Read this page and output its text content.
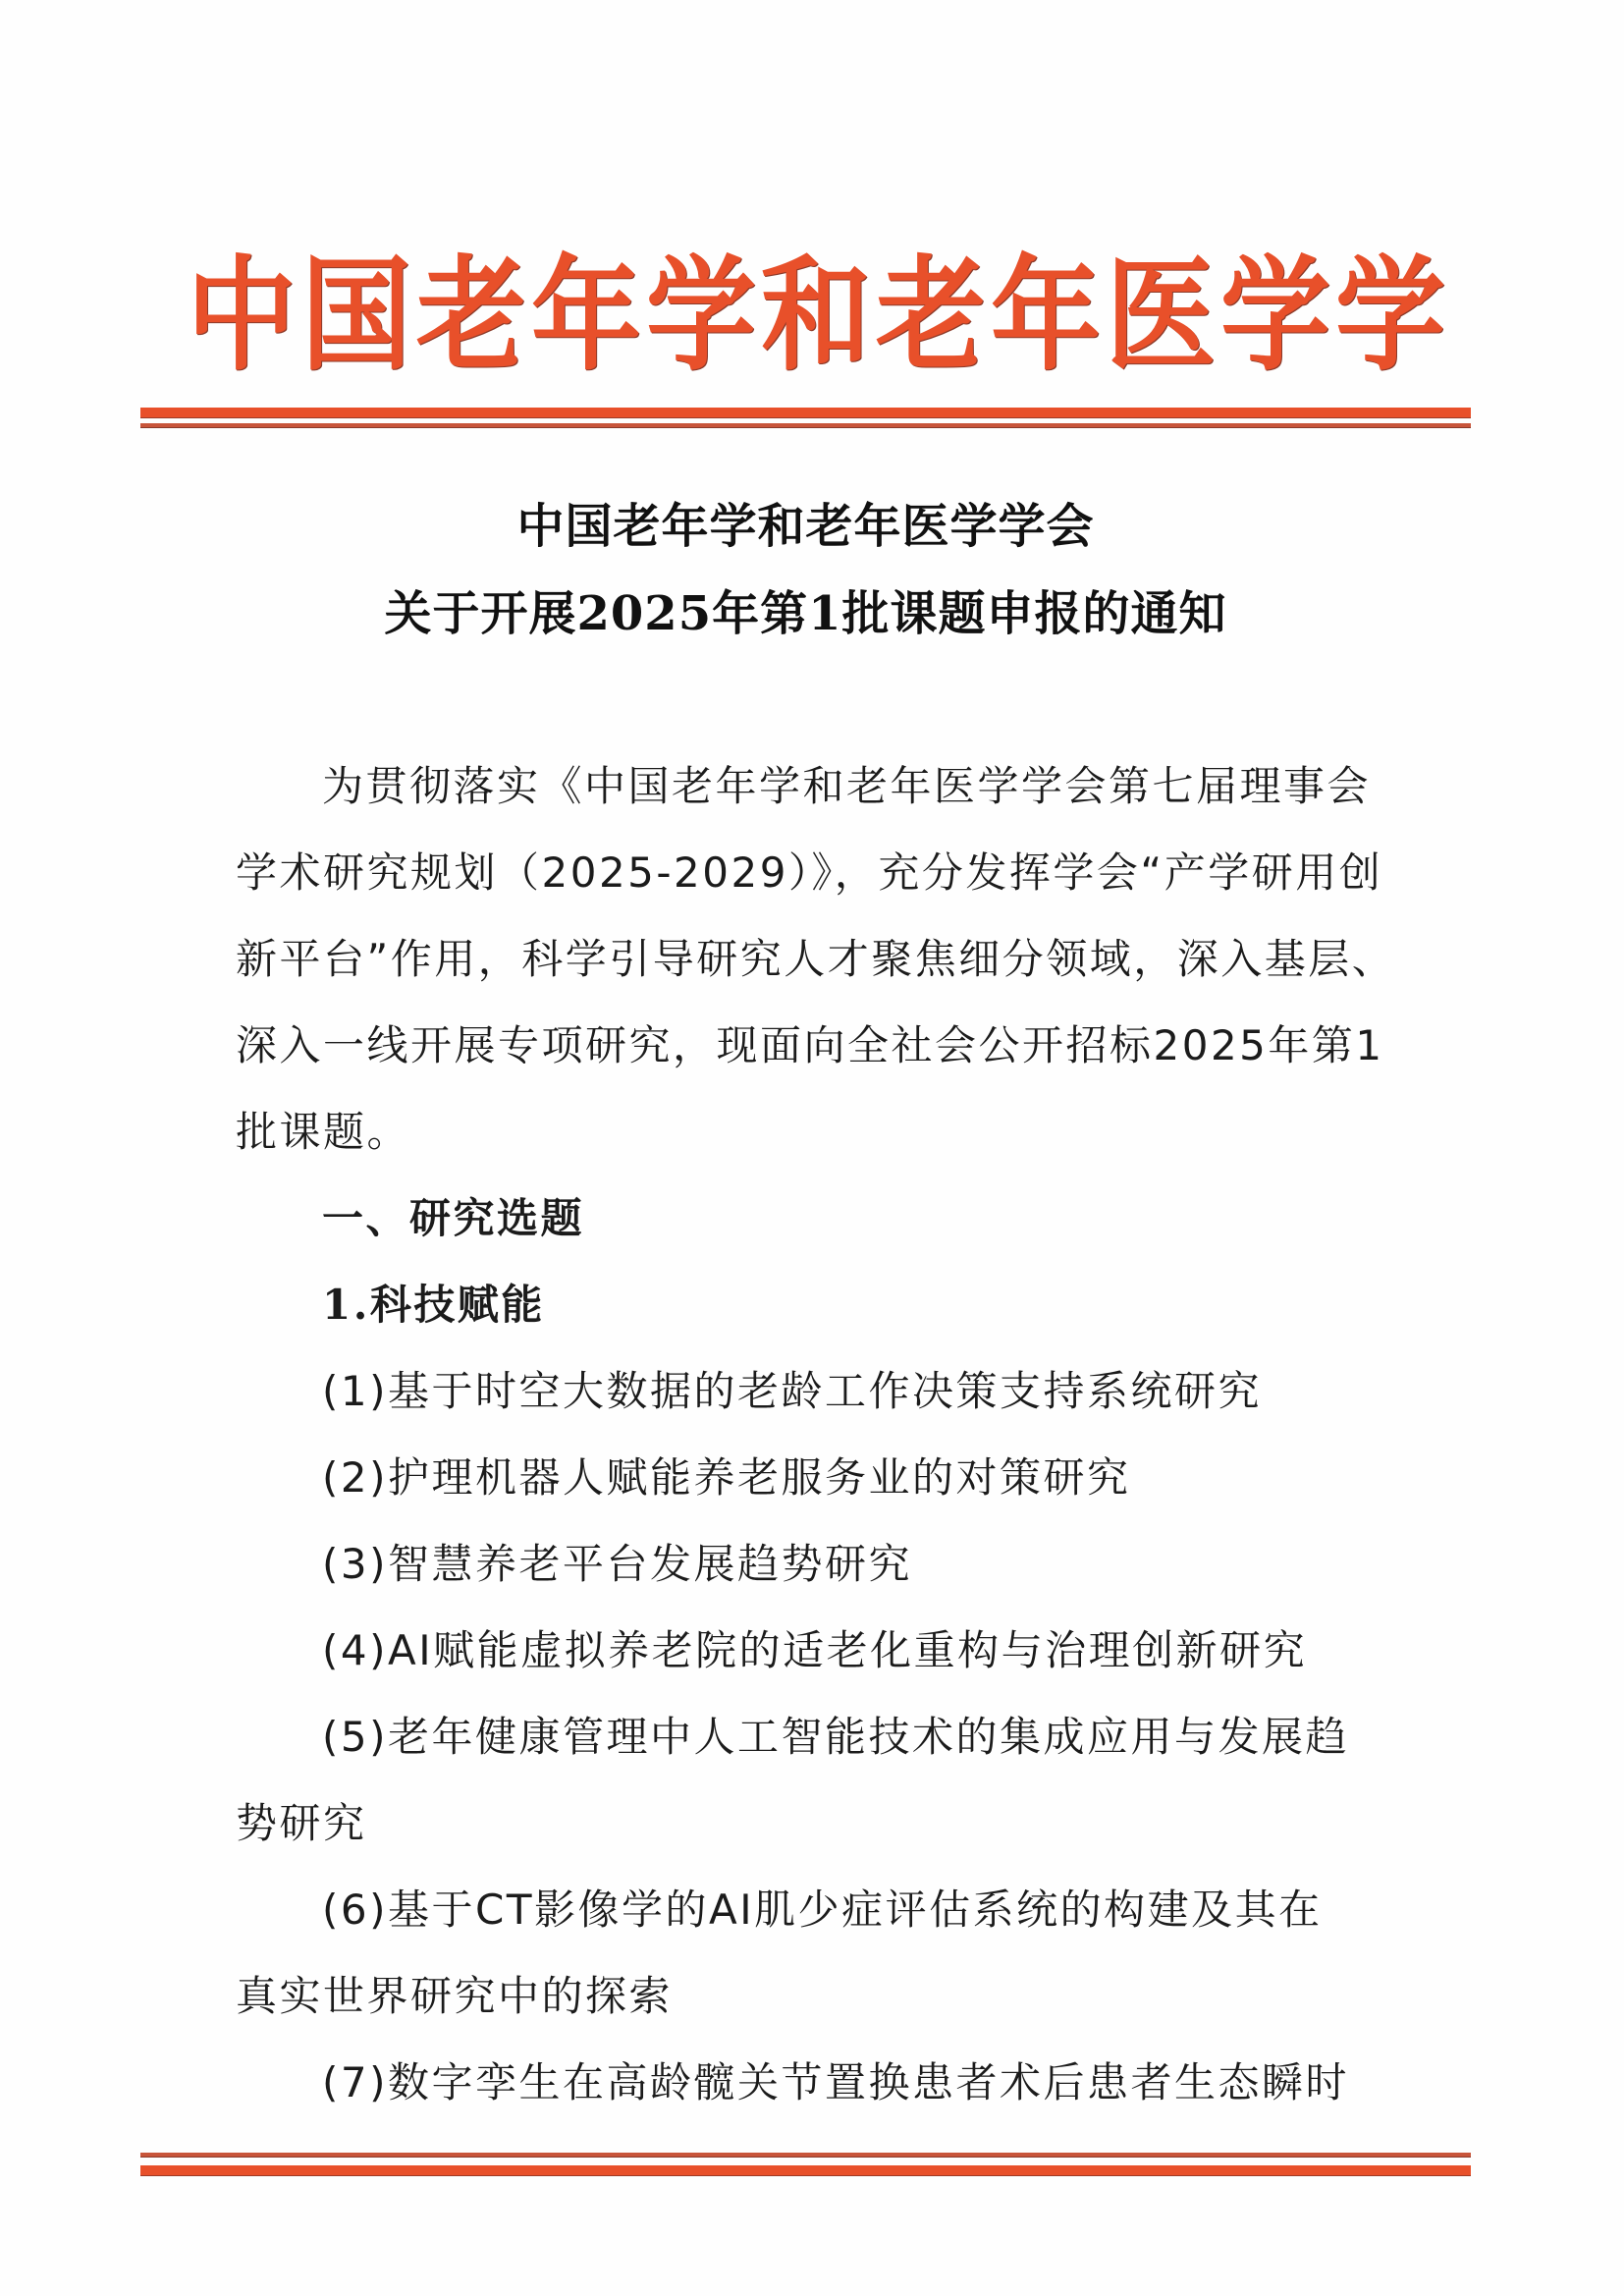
中 国 老 年 学 和 老 年 医 学 学
中国老年学和老年医学学会
关于开展2025年第1批课题申报的通知
为贯彻落实《中国老年学和老年医学学会第七届理事会
学术研究规划（2025-2029）》，充分发挥学会“产学研用创
新平台”作用，科学引导研究人才聚焦细分领域，深入基层、
深入一线开展专项研究，现面向全社会公开招标2025年第1
批课题。
一、研究选题
1.科技赋能
(1)基于时空大数据的老龄工作决策支持系统研究
(2)护理机器人赋能养老服务业的对策研究
(3)智慧养老平台发展趋势研究
(4)AI赋能虚拟养老院的适老化重构与治理创新研究
(5)老年健康管理中人工智能技术的集成应用与发展趋
势研究
(6)基于CT影像学的AI肌少症评估系统的构建及其在
真实世界研究中的探索
(7)数字孪生在高龄髋关节置换患者术后患者生态瞬时
